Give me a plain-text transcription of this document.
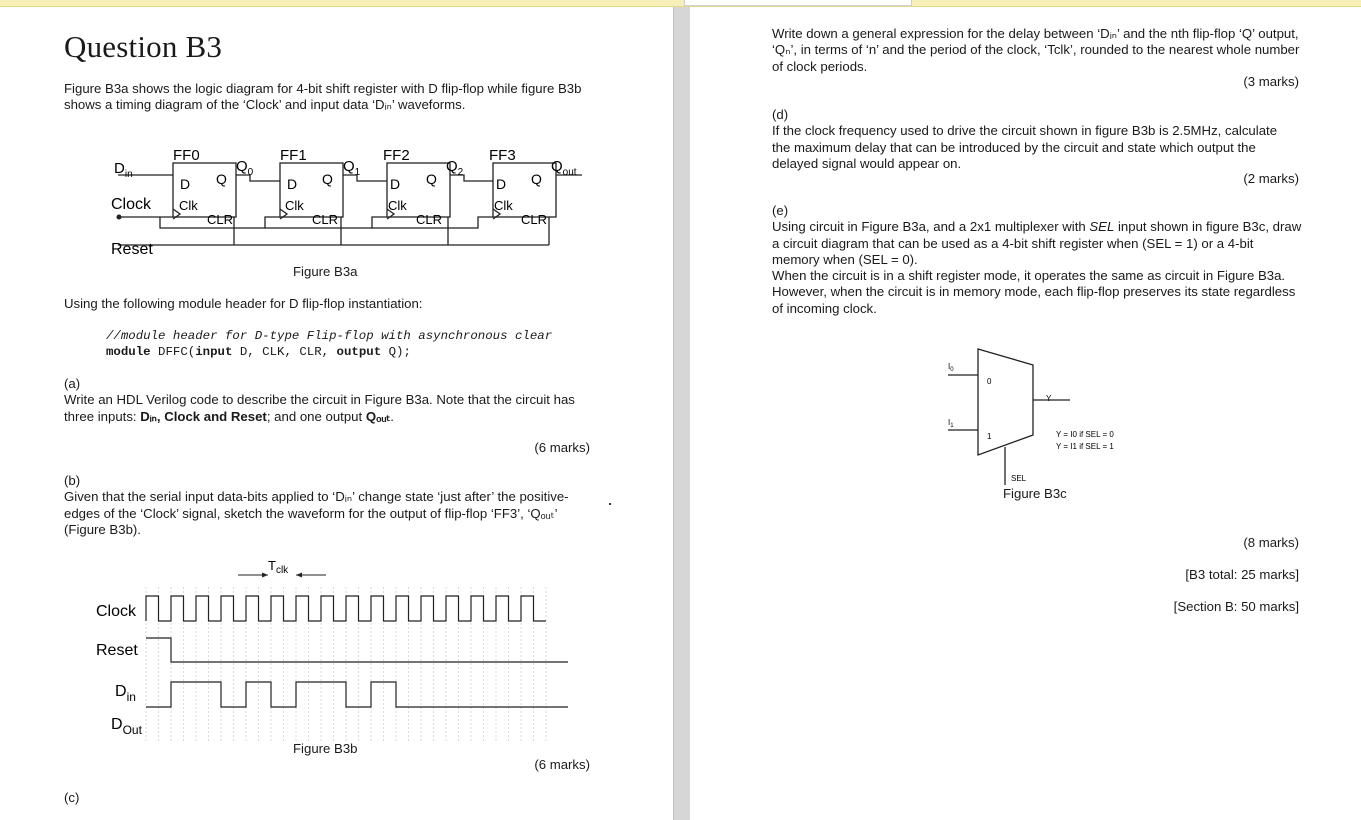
Question B3
Figure B3a shows the logic diagram for 4-bit shift register with D flip-flop while figure B3b shows a timing diagram of the ‘Clock’ and input data ‘Dᵢₙ’ waveforms.
FF0	FF1	FF2	FF3
D Q
Clk
CLR
D Q
Clk
CLR
D Q
Clk
CLR
D Q
Clk
CLR
$D_{in}$
Clock
Reset
$Q_0$	$Q_1$	$Q_2$	$Q_{out}$
Figure B3a
Using the following module header for D flip-flop instantiation:
//module header for D-type Flip-flop with asynchronous clear
module DFFC(input D, CLK, CLR, output Q);
(a)
Write an HDL Verilog code to describe the circuit in Figure B3a. Note that the circuit has three inputs: Dᵢₙ, Clock and Reset; and one output Qₒᵤₜ.
(6 marks)
(b)
Given that the serial input data-bits applied to ‘Dᵢₙ’ change state ‘just after’ the positive-edges of the ‘Clock’ signal, sketch the waveform for the output of flip-flop ‘FF3’, ‘Qₒᵤₜ’ (Figure B3b).
$T_{clk}$
Clock
Reset
$D_{in}$
$D_{Out}$
Figure B3b
(6 marks)
(c)
Write down a general expression for the delay between ‘Dᵢₙ’ and the nth flip-flop ‘Q’ output, ‘Qₙ’, in terms of ‘n’ and the period of the clock, ‘Tclk’, rounded to the nearest whole number of clock periods.
(3 marks)
(d)
If the clock frequency used to drive the circuit shown in figure B3b is 2.5MHz, calculate the maximum delay that can be introduced by the circuit and state which output the delayed signal would appear on.
(2 marks)
(e)
Using circuit in Figure B3a, and a 2x1 multiplexer with SEL input shown in figure B3c, draw a circuit diagram that can be used as a 4-bit shift register when (SEL = 1) or a 4-bit memory when (SEL = 0).
When the circuit is in a shift register mode, it operates the same as circuit in Figure B3a.
However, when the circuit is in memory mode, each flip-flop preserves its state regardless of incoming clock.
$I_0$
$I_1$
0
1
Y
SEL
Y = I0 if SEL = 0
Y = I1 if SEL = 1
Figure B3c
(8 marks)
[B3 total: 25 marks]
[Section B: 50 marks]
